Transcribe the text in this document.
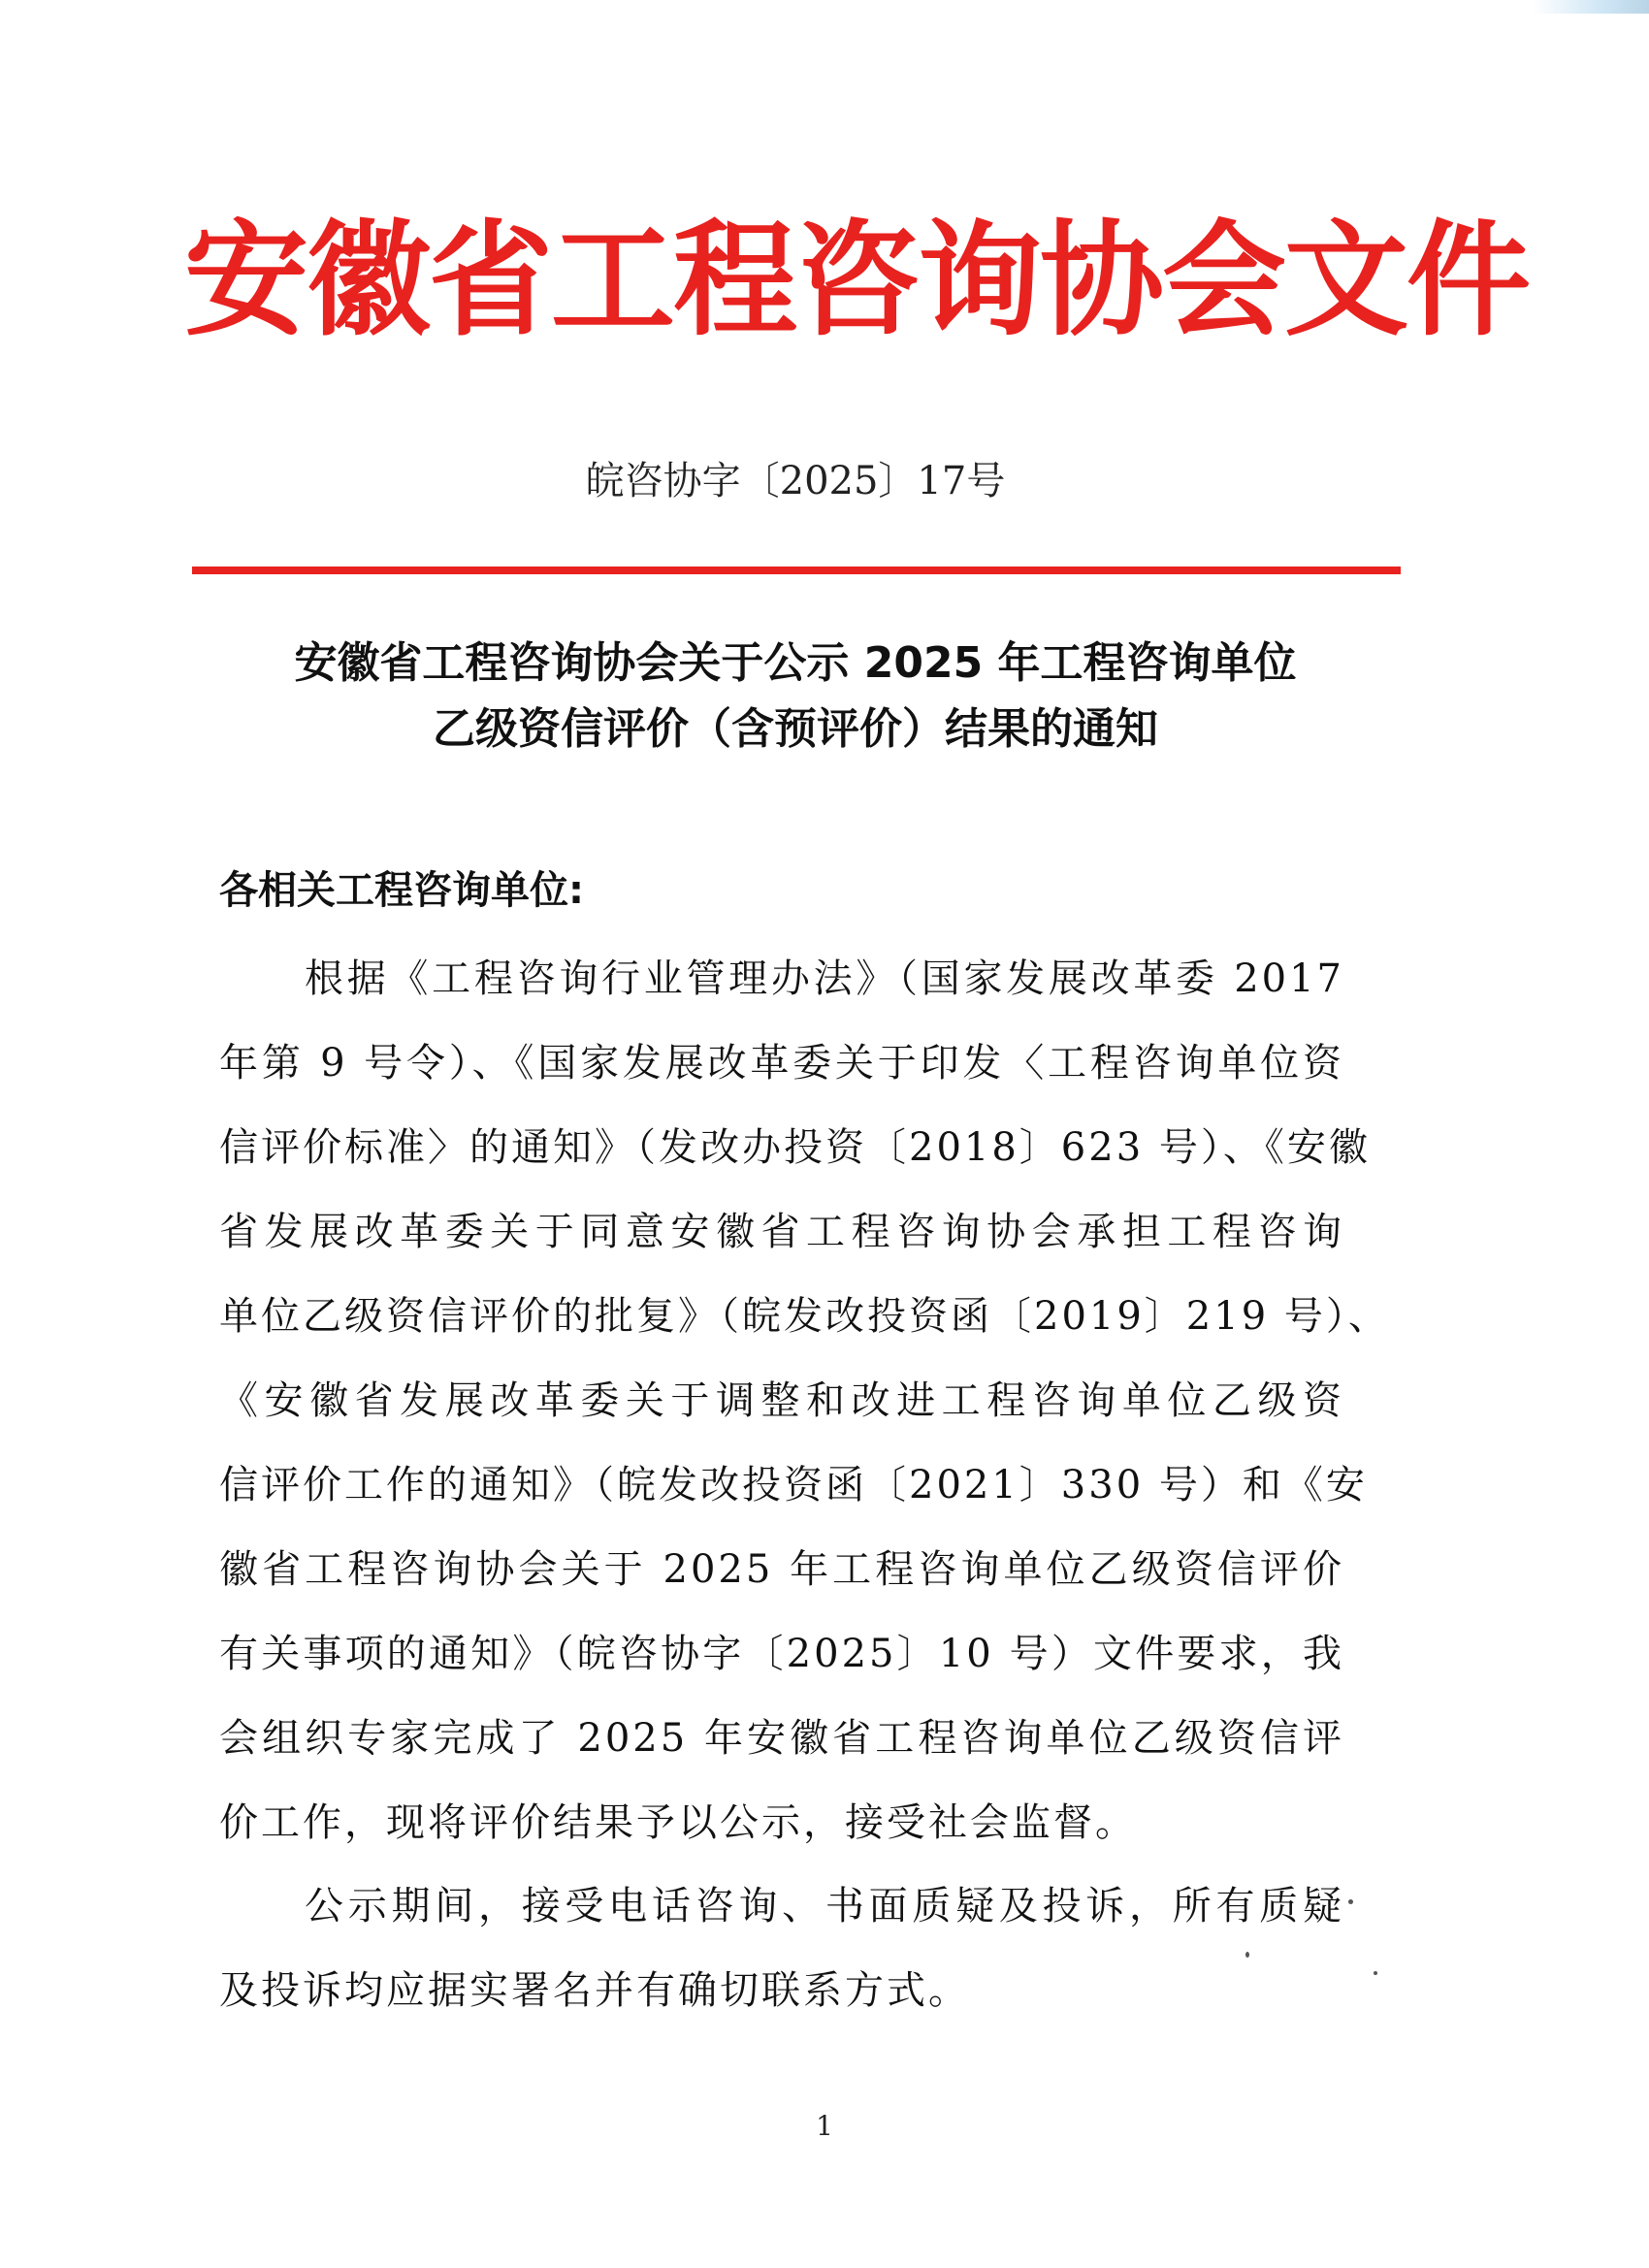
安徽省工程咨询协会文件
皖咨协字〔2025〕17号
安徽省工程咨询协会关于公示 2025 年工程咨询单位
乙级资信评价（含预评价）结果的通知
各相关工程咨询单位:
根据《工程咨询行业管理办法》（国家发展改革委 2017
年第 9 号令）、《国家发展改革委关于印发〈工程咨询单位资
信评价标准〉的通知》（发改办投资〔2018〕623 号）、《安徽
省发展改革委关于同意安徽省工程咨询协会承担工程咨询
单位乙级资信评价的批复》（皖发改投资函〔2019〕219 号）、
《安徽省发展改革委关于调整和改进工程咨询单位乙级资
信评价工作的通知》（皖发改投资函〔2021〕330 号）和《安
徽省工程咨询协会关于 2025 年工程咨询单位乙级资信评价
有关事项的通知》（皖咨协字〔2025〕10 号）文件要求，我
会组织专家完成了 2025 年安徽省工程咨询单位乙级资信评
价工作，现将评价结果予以公示，接受社会监督。
公示期间，接受电话咨询、书面质疑及投诉，所有质疑
及投诉均应据实署名并有确切联系方式。
1
